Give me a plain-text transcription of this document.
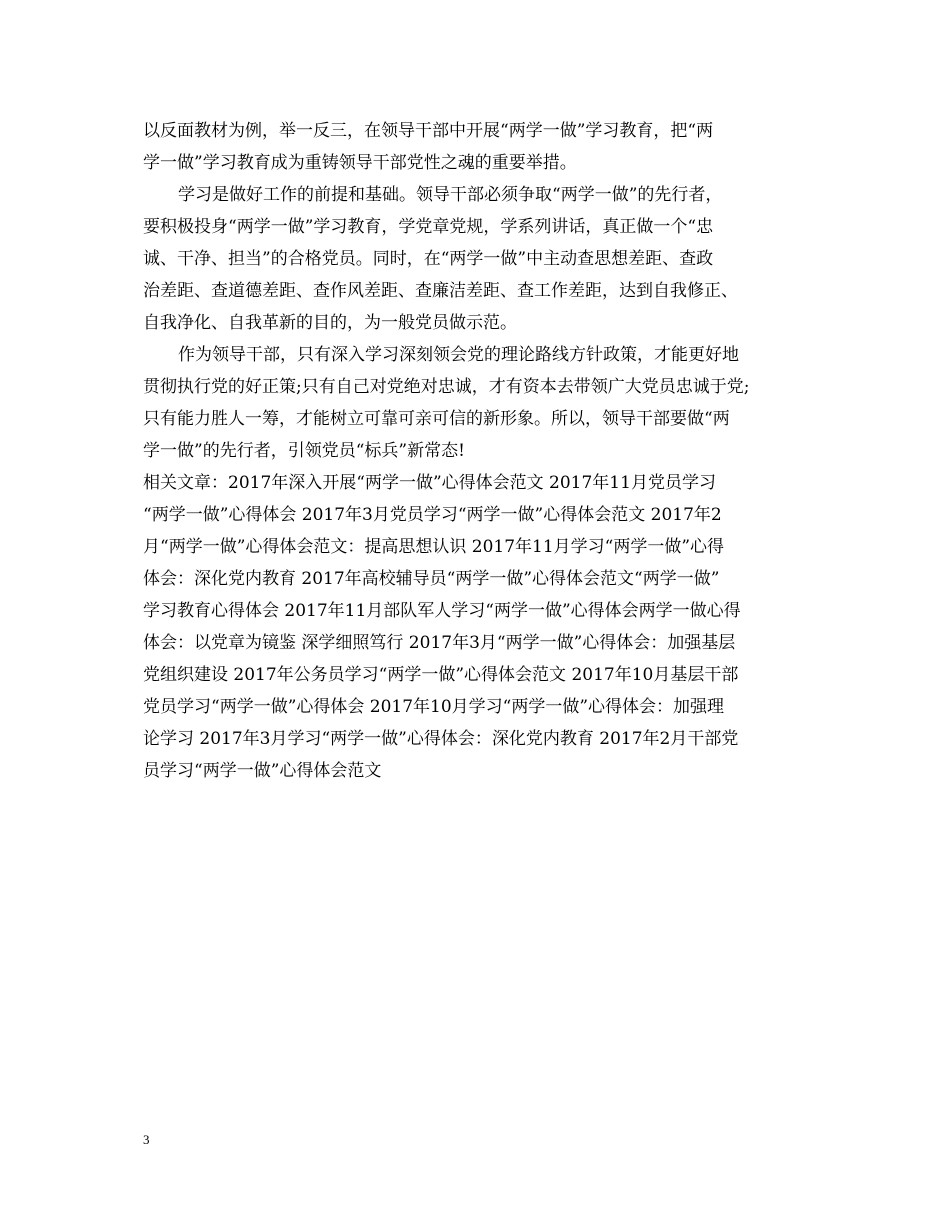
以反面教材为例，举一反三，在领导干部中开展“两学一做”学习教育，把“两
学一做”学习教育成为重铸领导干部党性之魂的重要举措。
学习是做好工作的前提和基础。领导干部必须争取“两学一做”的先行者，
要积极投身“两学一做”学习教育，学党章党规，学系列讲话，真正做一个“忠
诚、干净、担当”的合格党员。同时，在“两学一做”中主动查思想差距、查政
治差距、查道德差距、查作风差距、查廉洁差距、查工作差距，达到自我修正、
自我净化、自我革新的目的，为一般党员做示范。
作为领导干部，只有深入学习深刻领会党的理论路线方针政策，才能更好地
贯彻执行党的好正策;只有自己对党绝对忠诚，才有资本去带领广大党员忠诚于党;
只有能力胜人一筹，才能树立可靠可亲可信的新形象。所以，领导干部要做“两
学一做”的先行者，引领党员“标兵”新常态!
相关文章：2017年深入开展“两学一做”心得体会范文 2017年11月党员学习
“两学一做”心得体会 2017年3月党员学习“两学一做”心得体会范文 2017年2
月“两学一做”心得体会范文：提高思想认识 2017年11月学习“两学一做”心得
体会：深化党内教育 2017年高校辅导员“两学一做”心得体会范文“两学一做”
学习教育心得体会 2017年11月部队军人学习“两学一做”心得体会两学一做心得
体会：以党章为镜鉴 深学细照笃行 2017年3月“两学一做”心得体会：加强基层
党组织建设 2017年公务员学习“两学一做”心得体会范文 2017年10月基层干部
党员学习“两学一做”心得体会 2017年10月学习“两学一做”心得体会：加强理
论学习 2017年3月学习“两学一做”心得体会：深化党内教育 2017年2月干部党
员学习“两学一做”心得体会范文
3
